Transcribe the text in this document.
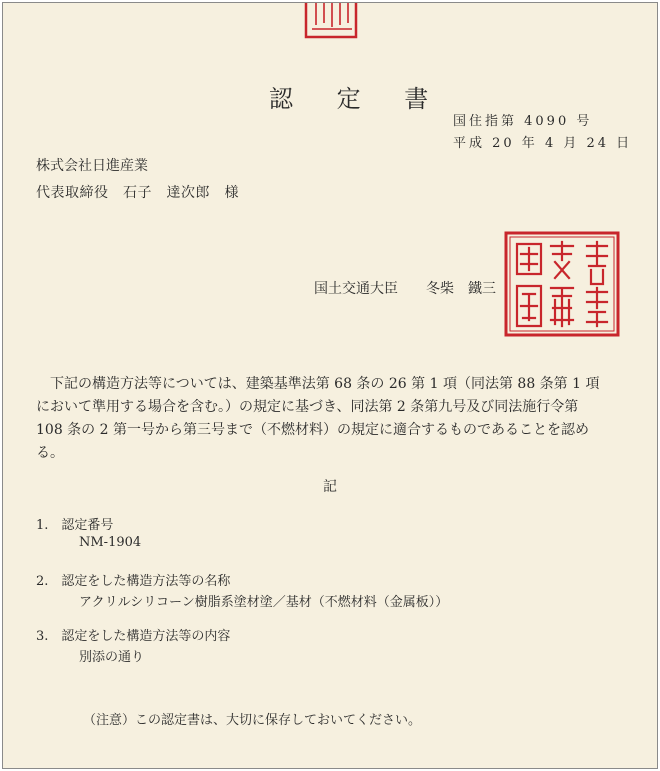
認 定 書
国住指第 4090 号
平成 20 年 4 月 24 日
株式会社日進産業
代表取締役　石子　達次郎　様
国土交通大臣　　冬柴　鐵三
　下記の構造方法等については、建築基準法第 68 条の 26 第 1 項（同法第 88 条第 1 項
において準用する場合を含む。）の規定に基づき、同法第 2 条第九号及び同法施行令第
108 条の 2 第一号から第三号まで（不燃材料）の規定に適合するものであることを認め
る。
記
1.　認定番号
NM-1904
2.　認定をした構造方法等の名称
アクリルシリコーン樹脂系塗材塗／基材（不燃材料（金属板））
3.　認定をした構造方法等の内容
別添の通り
（注意）この認定書は、大切に保存しておいてください。
